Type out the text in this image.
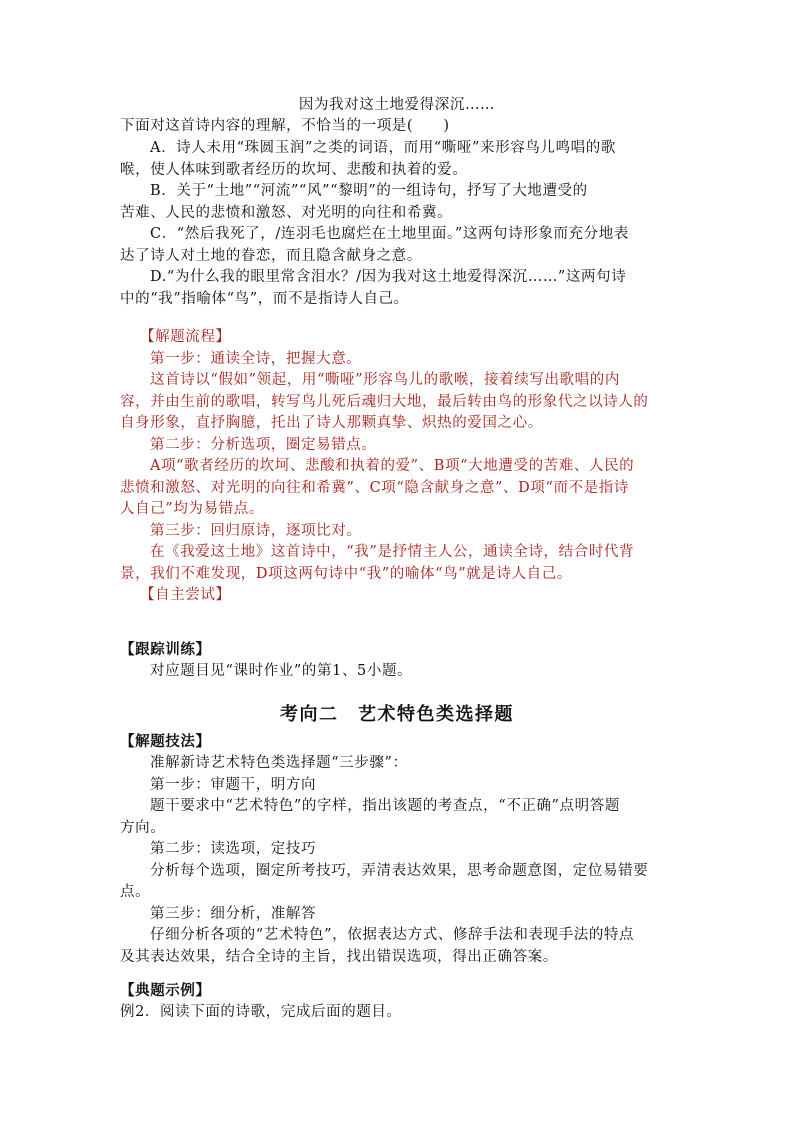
因为我对这土地爱得深沉……
下面对这首诗内容的理解，不恰当的一项是(　　)
A．诗人未用“珠圆玉润”之类的词语，而用“嘶哑”来形容鸟儿鸣唱的歌
喉，使人体味到歌者经历的坎坷、悲酸和执着的爱。
B．关于“土地”“河流”“风”“黎明”的一组诗句，抒写了大地遭受的
苦难、人民的悲愤和激怒、对光明的向往和希冀。
C．“然后我死了，/连羽毛也腐烂在土地里面。”这两句诗形象而充分地表
达了诗人对土地的眷恋，而且隐含献身之意。
D.“为什么我的眼里常含泪水？/因为我对这土地爱得深沉……”这两句诗
中的“我”指喻体“鸟”，而不是指诗人自己。
【解题流程】
第一步：通读全诗，把握大意。
这首诗以“假如”领起，用“嘶哑”形容鸟儿的歌喉，接着续写出歌唱的内
容，并由生前的歌唱，转写鸟儿死后魂归大地，最后转由鸟的形象代之以诗人的
自身形象，直抒胸臆，托出了诗人那颗真挚、炽热的爱国之心。
第二步：分析选项，圈定易错点。
A项“歌者经历的坎坷、悲酸和执着的爱”、B项“大地遭受的苦难、人民的
悲愤和激怒、对光明的向往和希冀”、C项“隐含献身之意”、D项“而不是指诗
人自己”均为易错点。
第三步：回归原诗，逐项比对。
在《我爱这土地》这首诗中，“我”是抒情主人公，通读全诗，结合时代背
景，我们不难发现，D项这两句诗中“我”的喻体“鸟”就是诗人自己。
【自主尝试】
【跟踪训练】
对应题目见“课时作业”的第1、5小题。
考向二　艺术特色类选择题
【解题技法】
准解新诗艺术特色类选择题“三步骤”：
第一步：审题干，明方向
题干要求中“艺术特色”的字样，指出该题的考查点，“不正确”点明答题
方向。
第二步：读选项，定技巧
分析每个选项，圈定所考技巧，弄清表达效果，思考命题意图，定位易错要
点。
第三步：细分析，准解答
仔细分析各项的“艺术特色”，依据表达方式、修辞手法和表现手法的特点
及其表达效果，结合全诗的主旨，找出错误选项，得出正确答案。
【典题示例】
例2．阅读下面的诗歌，完成后面的题目。
